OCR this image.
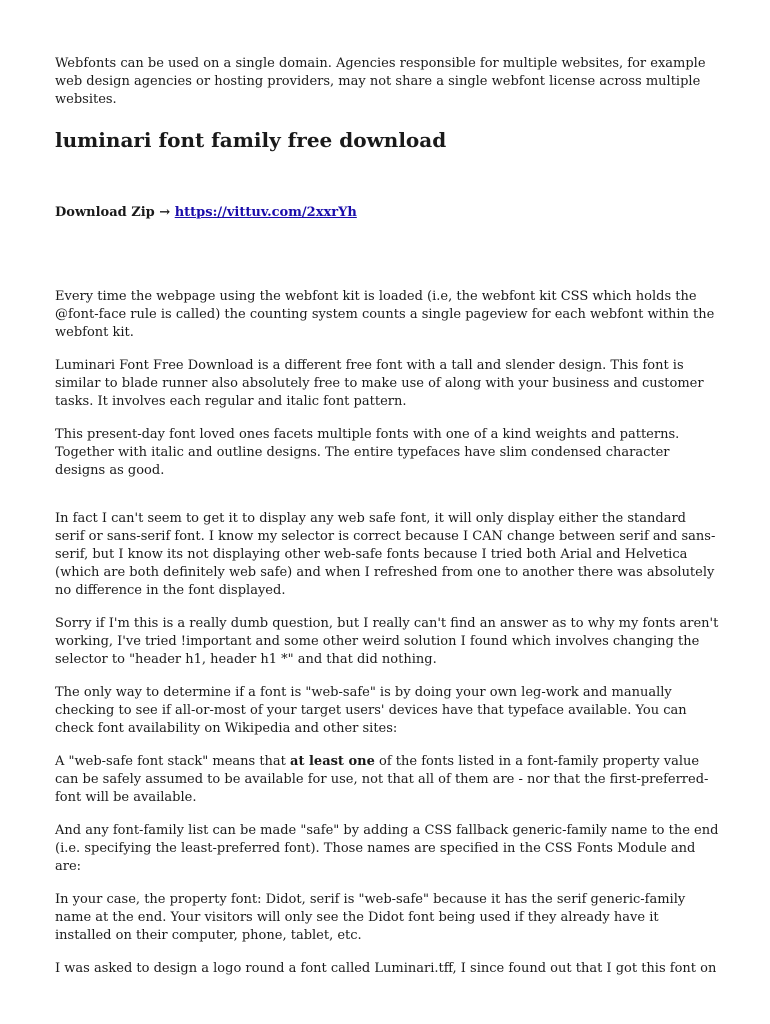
Webfonts can be used on a single domain. Agencies responsible for multiple websites, for example web design agencies or hosting providers, may not share a single webfont license across multiple websites.

luminari font family free download

Download Zip → https://vittuv.com/2xxrYh

Every time the webpage using the webfont kit is loaded (i.e, the webfont kit CSS which holds the @font-face rule is called) the counting system counts a single pageview for each webfont within the webfont kit.

Luminari Font Free Download is a different free font with a tall and slender design. This font is similar to blade runner also absolutely free to make use of along with your business and customer tasks. It involves each regular and italic font pattern.

This present-day font loved ones facets multiple fonts with one of a kind weights and patterns. Together with italic and outline designs. The entire typefaces have slim condensed character designs as good.

In fact I can't seem to get it to display any web safe font, it will only display either the standard serif or sans-serif font. I know my selector is correct because I CAN change between serif and sans-serif, but I know its not displaying other web-safe fonts because I tried both Arial and Helvetica (which are both definitely web safe) and when I refreshed from one to another there was absolutely no difference in the font displayed.

Sorry if I'm this is a really dumb question, but I really can't find an answer as to why my fonts aren't working, I've tried !important and some other weird solution I found which involves changing the selector to "header h1, header h1 *" and that did nothing.

The only way to determine if a font is "web-safe" is by doing your own leg-work and manually checking to see if all-or-most of your target users' devices have that typeface available. You can check font availability on Wikipedia and other sites:

A "web-safe font stack" means that at least one of the fonts listed in a font-family property value can be safely assumed to be available for use, not that all of them are - nor that the first-preferred-font will be available.

And any font-family list can be made "safe" by adding a CSS fallback generic-family name to the end (i.e. specifying the least-preferred font). Those names are specified in the CSS Fonts Module and are:

In your case, the property font: Didot, serif is "web-safe" because it has the serif generic-family name at the end. Your visitors will only see the Didot font being used if they already have it installed on their computer, phone, tablet, etc.

I was asked to design a logo round a font called Luminari.tff, I since found out that I got this font on
